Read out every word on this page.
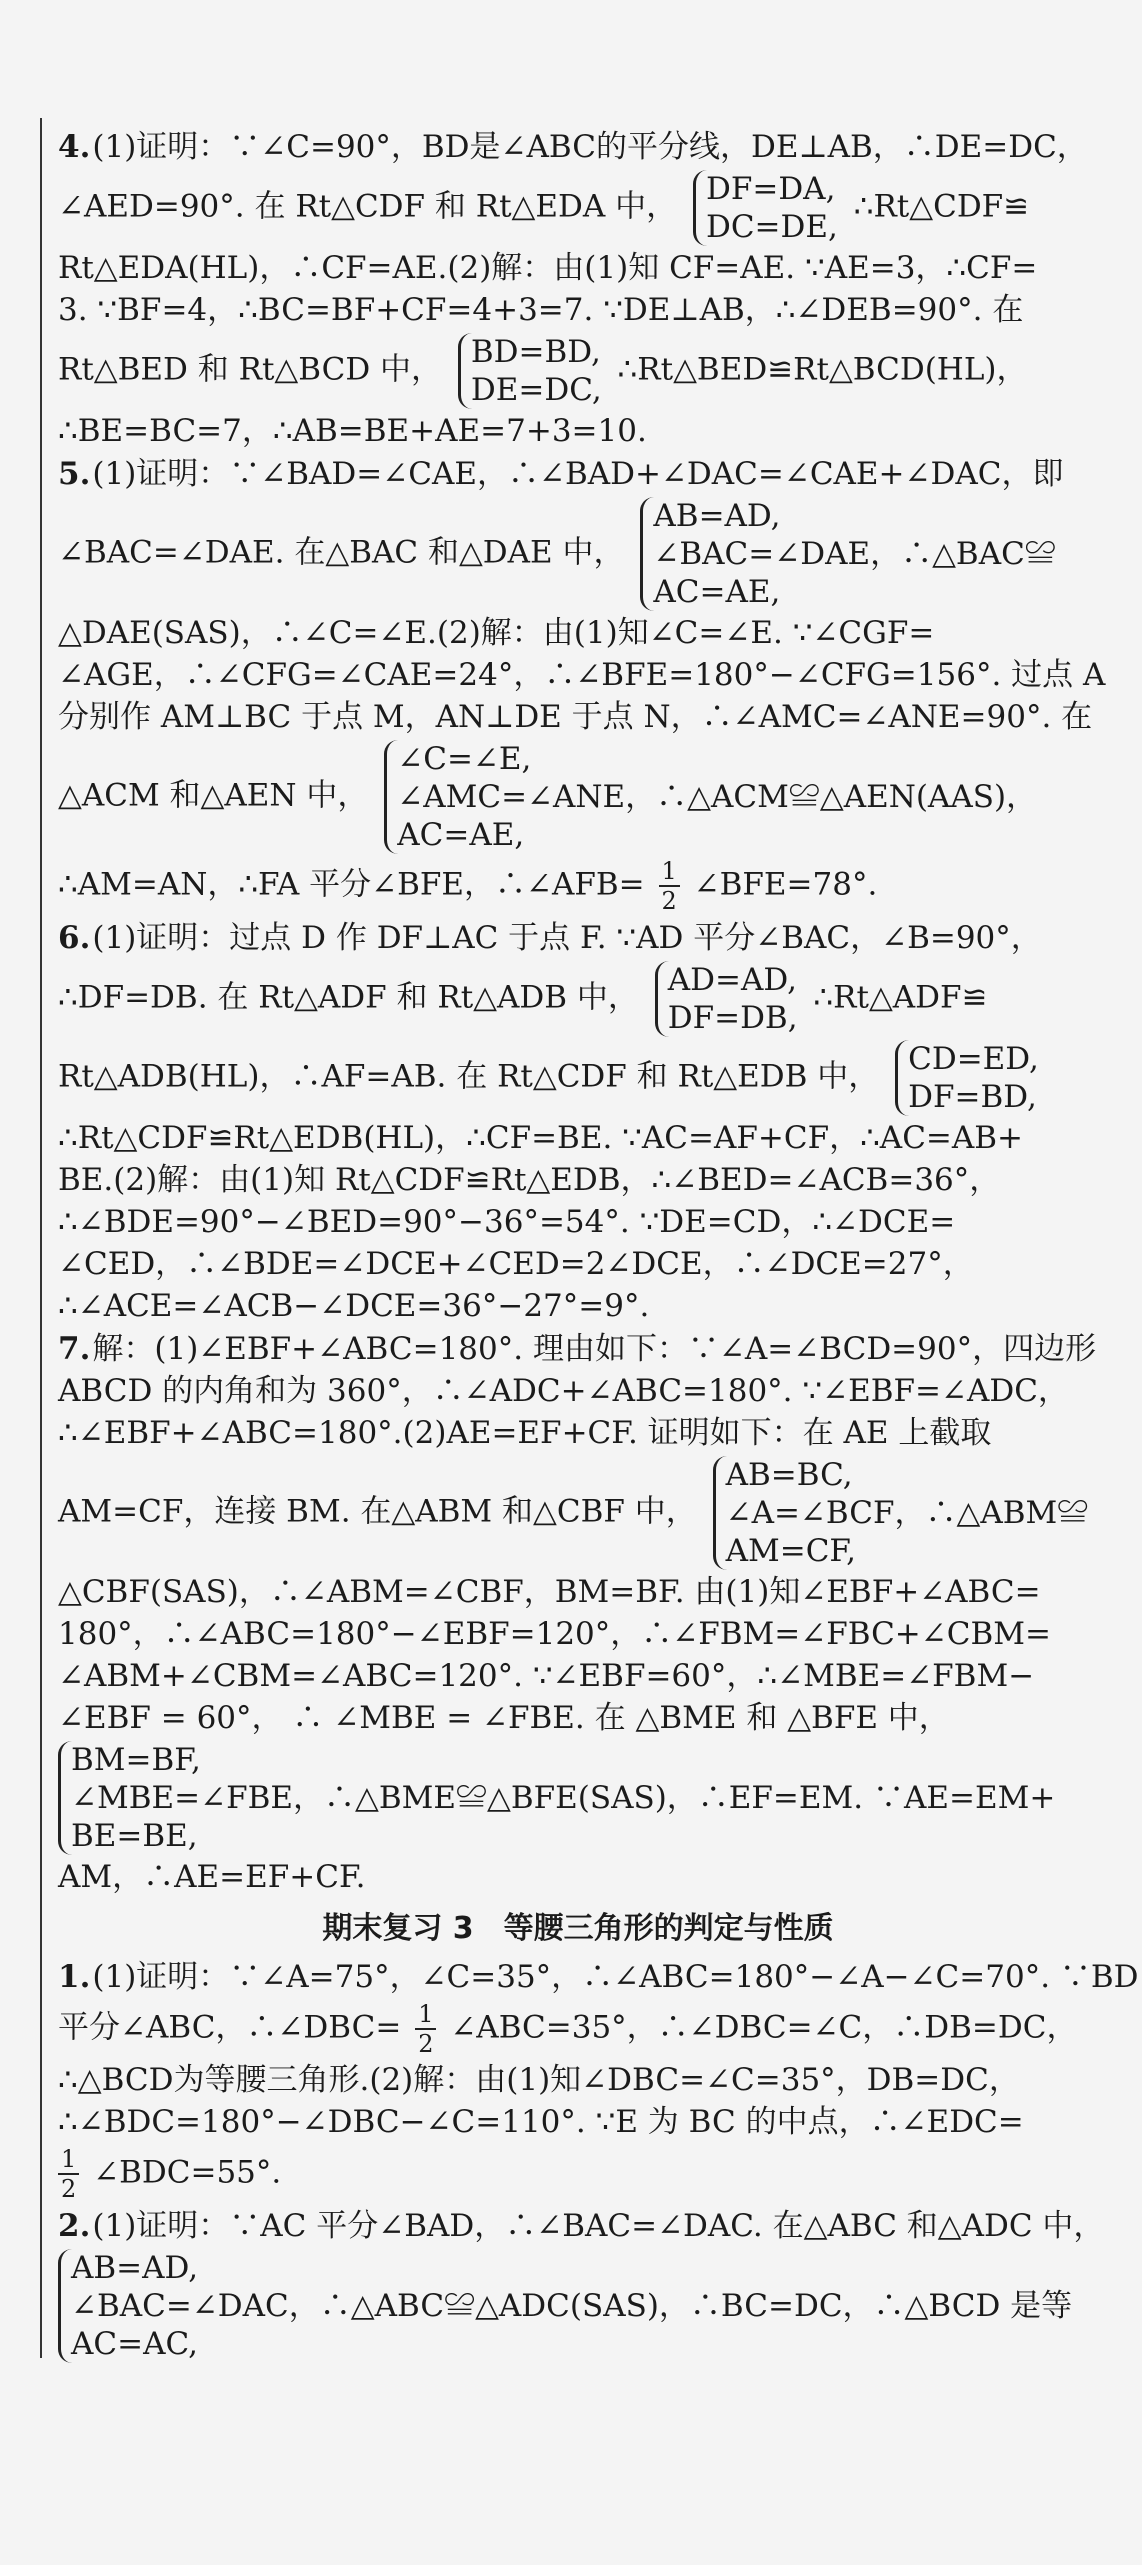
4.(1)证明：∵∠C=90°，BD是∠ABC的平分线，DE⊥AB，∴DE=DC，
∠AED=90°. 在 Rt△CDF 和 Rt△EDA 中， DF=DA,
DC=DE,
∴Rt△CDF≌
Rt△EDA(HL)，∴CF=AE.(2)解：由(1)知 CF=AE. ∵AE=3，∴CF=
3. ∵BF=4，∴BC=BF+CF=4+3=7. ∵DE⊥AB，∴∠DEB=90°. 在
Rt△BED 和 Rt△BCD 中， BD=BD,
DE=DC,
∴Rt△BED≌Rt△BCD(HL)，
∴BE=BC=7，∴AB=BE+AE=7+3=10.
5.(1)证明：∵∠BAD=∠CAE，∴∠BAD+∠DAC=∠CAE+∠DAC，即
∠BAC=∠DAE. 在△BAC 和△DAE 中，
AB=AD,
∠BAC=∠DAE，∴△BAC≌
AC=AE,
△DAE(SAS)，∴∠C=∠E.(2)解：由(1)知∠C=∠E. ∵∠CGF=
∠AGE，∴∠CFG=∠CAE=24°，∴∠BFE=180°−∠CFG=156°. 过点 A
分别作 AM⊥BC 于点 M，AN⊥DE 于点 N，∴∠AMC=∠ANE=90°. 在
△ACM 和△AEN 中，
∠C=∠E,
∠AMC=∠ANE，∴△ACM≌△AEN(AAS)，
AC=AE,
∴AM=AN，∴FA 平分∠BFE，∴∠AFB= $\frac{1}{2}$ ∠BFE=78°.
6.(1)证明：过点 D 作 DF⊥AC 于点 F. ∵AD 平分∠BAC，∠B=90°，
∴DF=DB. 在 Rt△ADF 和 Rt△ADB 中， AD=AD,
DF=DB,
∴Rt△ADF≌
Rt△ADB(HL)，∴AF=AB. 在 Rt△CDF 和 Rt△EDB 中， CD=ED,
DF=BD,
∴Rt△CDF≌Rt△EDB(HL)，∴CF=BE. ∵AC=AF+CF，∴AC=AB+
BE.(2)解：由(1)知 Rt△CDF≌Rt△EDB，∴∠BED=∠ACB=36°，
∴∠BDE=90°−∠BED=90°−36°=54°. ∵DE=CD，∴∠DCE=
∠CED，∴∠BDE=∠DCE+∠CED=2∠DCE，∴∠DCE=27°，
∴∠ACE=∠ACB−∠DCE=36°−27°=9°.
7.解：(1)∠EBF+∠ABC=180°. 理由如下：∵∠A=∠BCD=90°，四边形
ABCD 的内角和为 360°，∴∠ADC+∠ABC=180°. ∵∠EBF=∠ADC，
∴∠EBF+∠ABC=180°.(2)AE=EF+CF. 证明如下：在 AE 上截取
AM=CF，连接 BM. 在△ABM 和△CBF 中，
AB=BC,
∠A=∠BCF，∴△ABM≌
AM=CF,
△CBF(SAS)，∴∠ABM=∠CBF，BM=BF. 由(1)知∠EBF+∠ABC=
180°，∴∠ABC=180°−∠EBF=120°，∴∠FBM=∠FBC+∠CBM=
∠ABM+∠CBM=∠ABC=120°. ∵∠EBF=60°，∴∠MBE=∠FBM−
∠EBF = 60°， ∴ ∠MBE = ∠FBE. 在 △BME 和 △BFE 中，
BM=BF,
∠MBE=∠FBE，∴△BME≌△BFE(SAS)，∴EF=EM. ∵AE=EM+
BE=BE,
AM，∴AE=EF+CF.
期末复习 3　等腰三角形的判定与性质
1.(1)证明：∵∠A=75°，∠C=35°，∴∠ABC=180°−∠A−∠C=70°. ∵BD
平分∠ABC，∴∠DBC= $\frac{1}{2}$ ∠ABC=35°，∴∠DBC=∠C，∴DB=DC，
∴△BCD为等腰三角形.(2)解：由(1)知∠DBC=∠C=35°，DB=DC，
∴∠BDC=180°−∠DBC−∠C=110°. ∵E 为 BC 的中点，∴∠EDC=
$\frac{1}{2}$ ∠BDC=55°.
2.(1)证明：∵AC 平分∠BAD，∴∠BAC=∠DAC. 在△ABC 和△ADC 中，
AB=AD,
∠BAC=∠DAC，∴△ABC≌△ADC(SAS)，∴BC=DC，∴△BCD 是等
AC=AC,
